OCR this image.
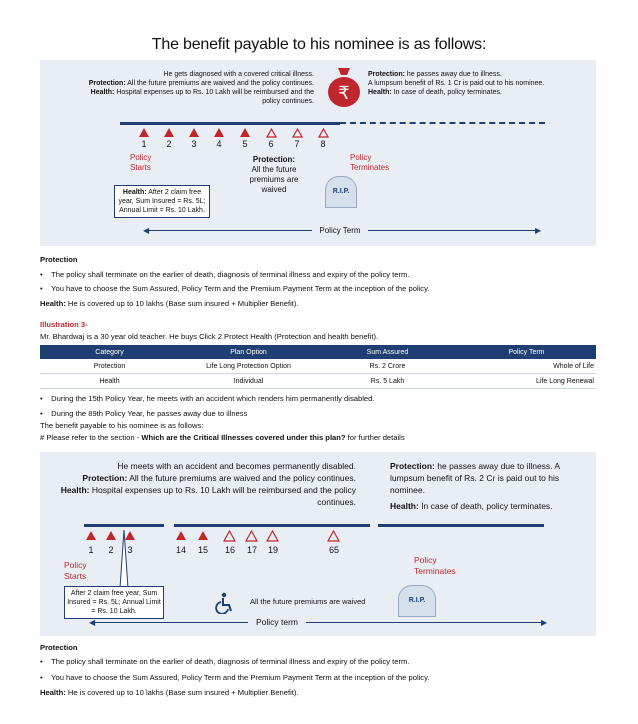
The benefit payable to his nominee is as follows:
He gets diagnosed with a covered critical illness.
Protection: All the future premiums are waived and the policy continues.
Health: Hospital expenses up to Rs. 10 Lakh will be reimbursed and the policy continues. ₹
Protection: he passes away due to illness.
A lumpsum benefit of Rs. 1 Cr is paid out to his nominee.
Health: In case of death, policy terminates.
1	2	3	4	5	6	7	8
Policy Starts
Protection:
All the future premiums are waived
Policy Terminates
Health: After 2 claim free year, Sum Insured = Rs. 5L; Annual Limit = Rs. 10 Lakh.
R.I.P.
◀	▶
Policy Term
Protection
•    The policy shall terminate on the earlier of death, diagnosis of terminal illness and expiry of the policy term.
•    You have to choose the Sum Assured, Policy Term and the Premium Payment Term at the inception of the policy.
Health: He is covered up to 10 lakhs (Base sum insured + Multiplier Benefit).
Illustration 3-
Mr. Bhardwaj is a 30 year old teacher. He buys Click 2 Protect Health (Protection and health benefit).
Category	Plan Option	Sum Assured	Policy Term
Protection	Life Long Protection Option	Rs. 2 Crore	Whole of Life
Health	Individual	Rs. 5 Lakh	Life Long Renewal
•    During the 15th Policy Year, he meets with an accident which renders him permanently disabled.
•    During the 89th Policy Year, he passes away due to illness
The benefit payable to his nominee is as follows:
# Please refer to the section - Which are the Critical Illnesses covered under this plan? for further details
He meets with an accident and becomes permanently disabled.
Protection: All the future premiums are waived and the policy continues.
Health: Hospital expenses up to Rs. 10 Lakh will be reimbursed and the policy continues.
Protection: he passes away due to illness. A lumpsum benefit of Rs. 2 Cr is paid out to his nominee.
Health: In case of death, policy terminates.
1	2	3	14 15 16 17 19	65
Policy Starts
Policy Terminates
After 2 claim free year, Sum Insured = Rs. 5L; Annual Limit = Rs. 10 Lakh.
All the future premiums are waived	R.I.P.
◀	▶
Policy term
Protection
•    The policy shall terminate on the earlier of death, diagnosis of terminal illness and expiry of the policy term.
•    You have to choose the Sum Assured, Policy Term and the Premium Payment Term at the inception of the policy.
Health: He is covered up to 10 lakhs (Base sum insured + Multiplier Benefit).
